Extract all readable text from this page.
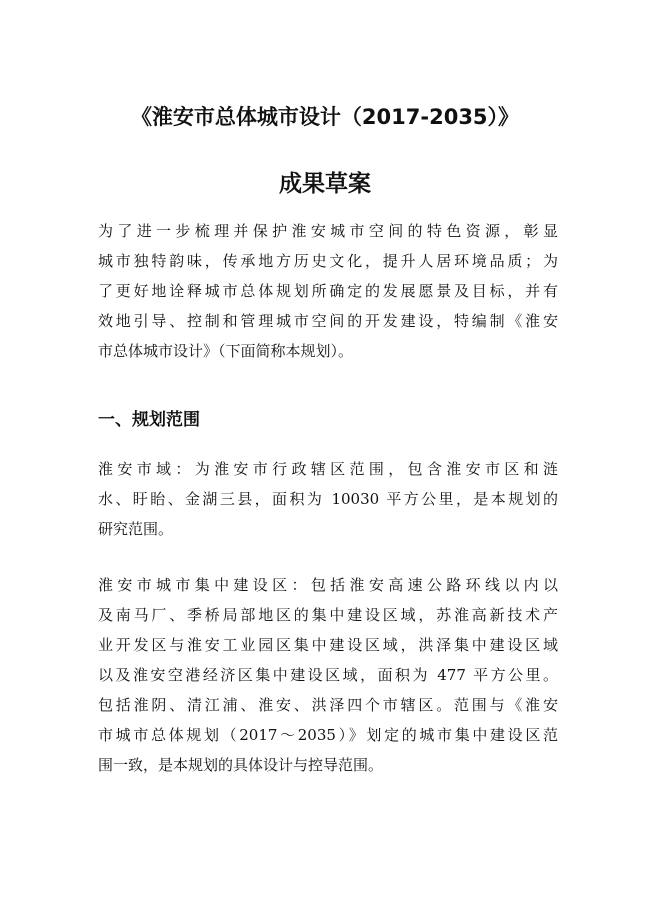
《淮安市总体城市设计（2017-2035）》
成果草案
为了进一步梳理并保护淮安城市空间的特色资源，彰显
城市独特韵味，传承地方历史文化，提升人居环境品质；为
了更好地诠释城市总体规划所确定的发展愿景及目标，并有
效地引导、控制和管理城市空间的开发建设，特编制《淮安
市总体城市设计》（下面简称本规划）。
一、规划范围
淮安市域：为淮安市行政辖区范围，包含淮安市区和涟
水、盱眙、金湖三县，面积为 10030 平方公里，是本规划的
研究范围。
淮安市城市集中建设区：包括淮安高速公路环线以内以
及南马厂、季桥局部地区的集中建设区域，苏淮高新技术产
业开发区与淮安工业园区集中建设区域，洪泽集中建设区域
以及淮安空港经济区集中建设区域，面积为 477 平方公里。
包括淮阴、清江浦、淮安、洪泽四个市辖区。范围与《淮安
市城市总体规划（2017～2035）》划定的城市集中建设区范
围一致，是本规划的具体设计与控导范围。
